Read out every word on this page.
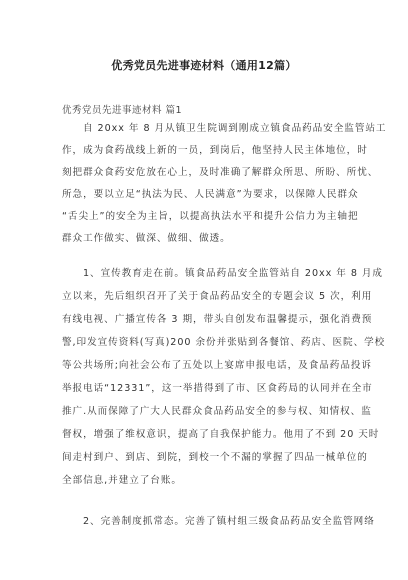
优秀党员先进事迹材料（通用12篇）
优秀党员先进事迹材料 篇1
自 20xx 年 8 月从镇卫生院调到刚成立镇食品药品安全监管站工
作，成为食药战线上新的一员，到岗后，他坚持人民主体地位，时
刻把群众食药安危放在心上，及时准确了解群众所思、所盼、所忧、
所急，要以立足“执法为民、人民满意”为要求，以保障人民群众
“舌尖上”的安全为主旨，以提高执法水平和提升公信力为主轴把
群众工作做实、做深、做细、做透。
1、宣传教育走在前。镇食品药品安全监管站自 20xx 年 8 月成
立以来，先后组织召开了关于食品药品安全的专题会议 5 次，利用
有线电视、广播宣传各 3 期，带头自创发布温馨提示，强化消费预
警,印发宣传资料(写真)200 余份并张贴到各餐馆、药店、医院、学校
等公共场所;向社会公布了五处以上宴席申报电话，及食品药品投诉
举报电话“12331”，这一举措得到了市、区食药局的认同并在全市
推广.从而保障了广大人民群众食品药品安全的参与权、知情权、监
督权，增强了维权意识，提高了自我保护能力。他用了不到 20 天时
间走村到户、到店、到院，到校一个不漏的掌握了四品一械单位的
全部信息,并建立了台账。
2、完善制度抓常态。完善了镇村组三级食品药品安全监管网络
